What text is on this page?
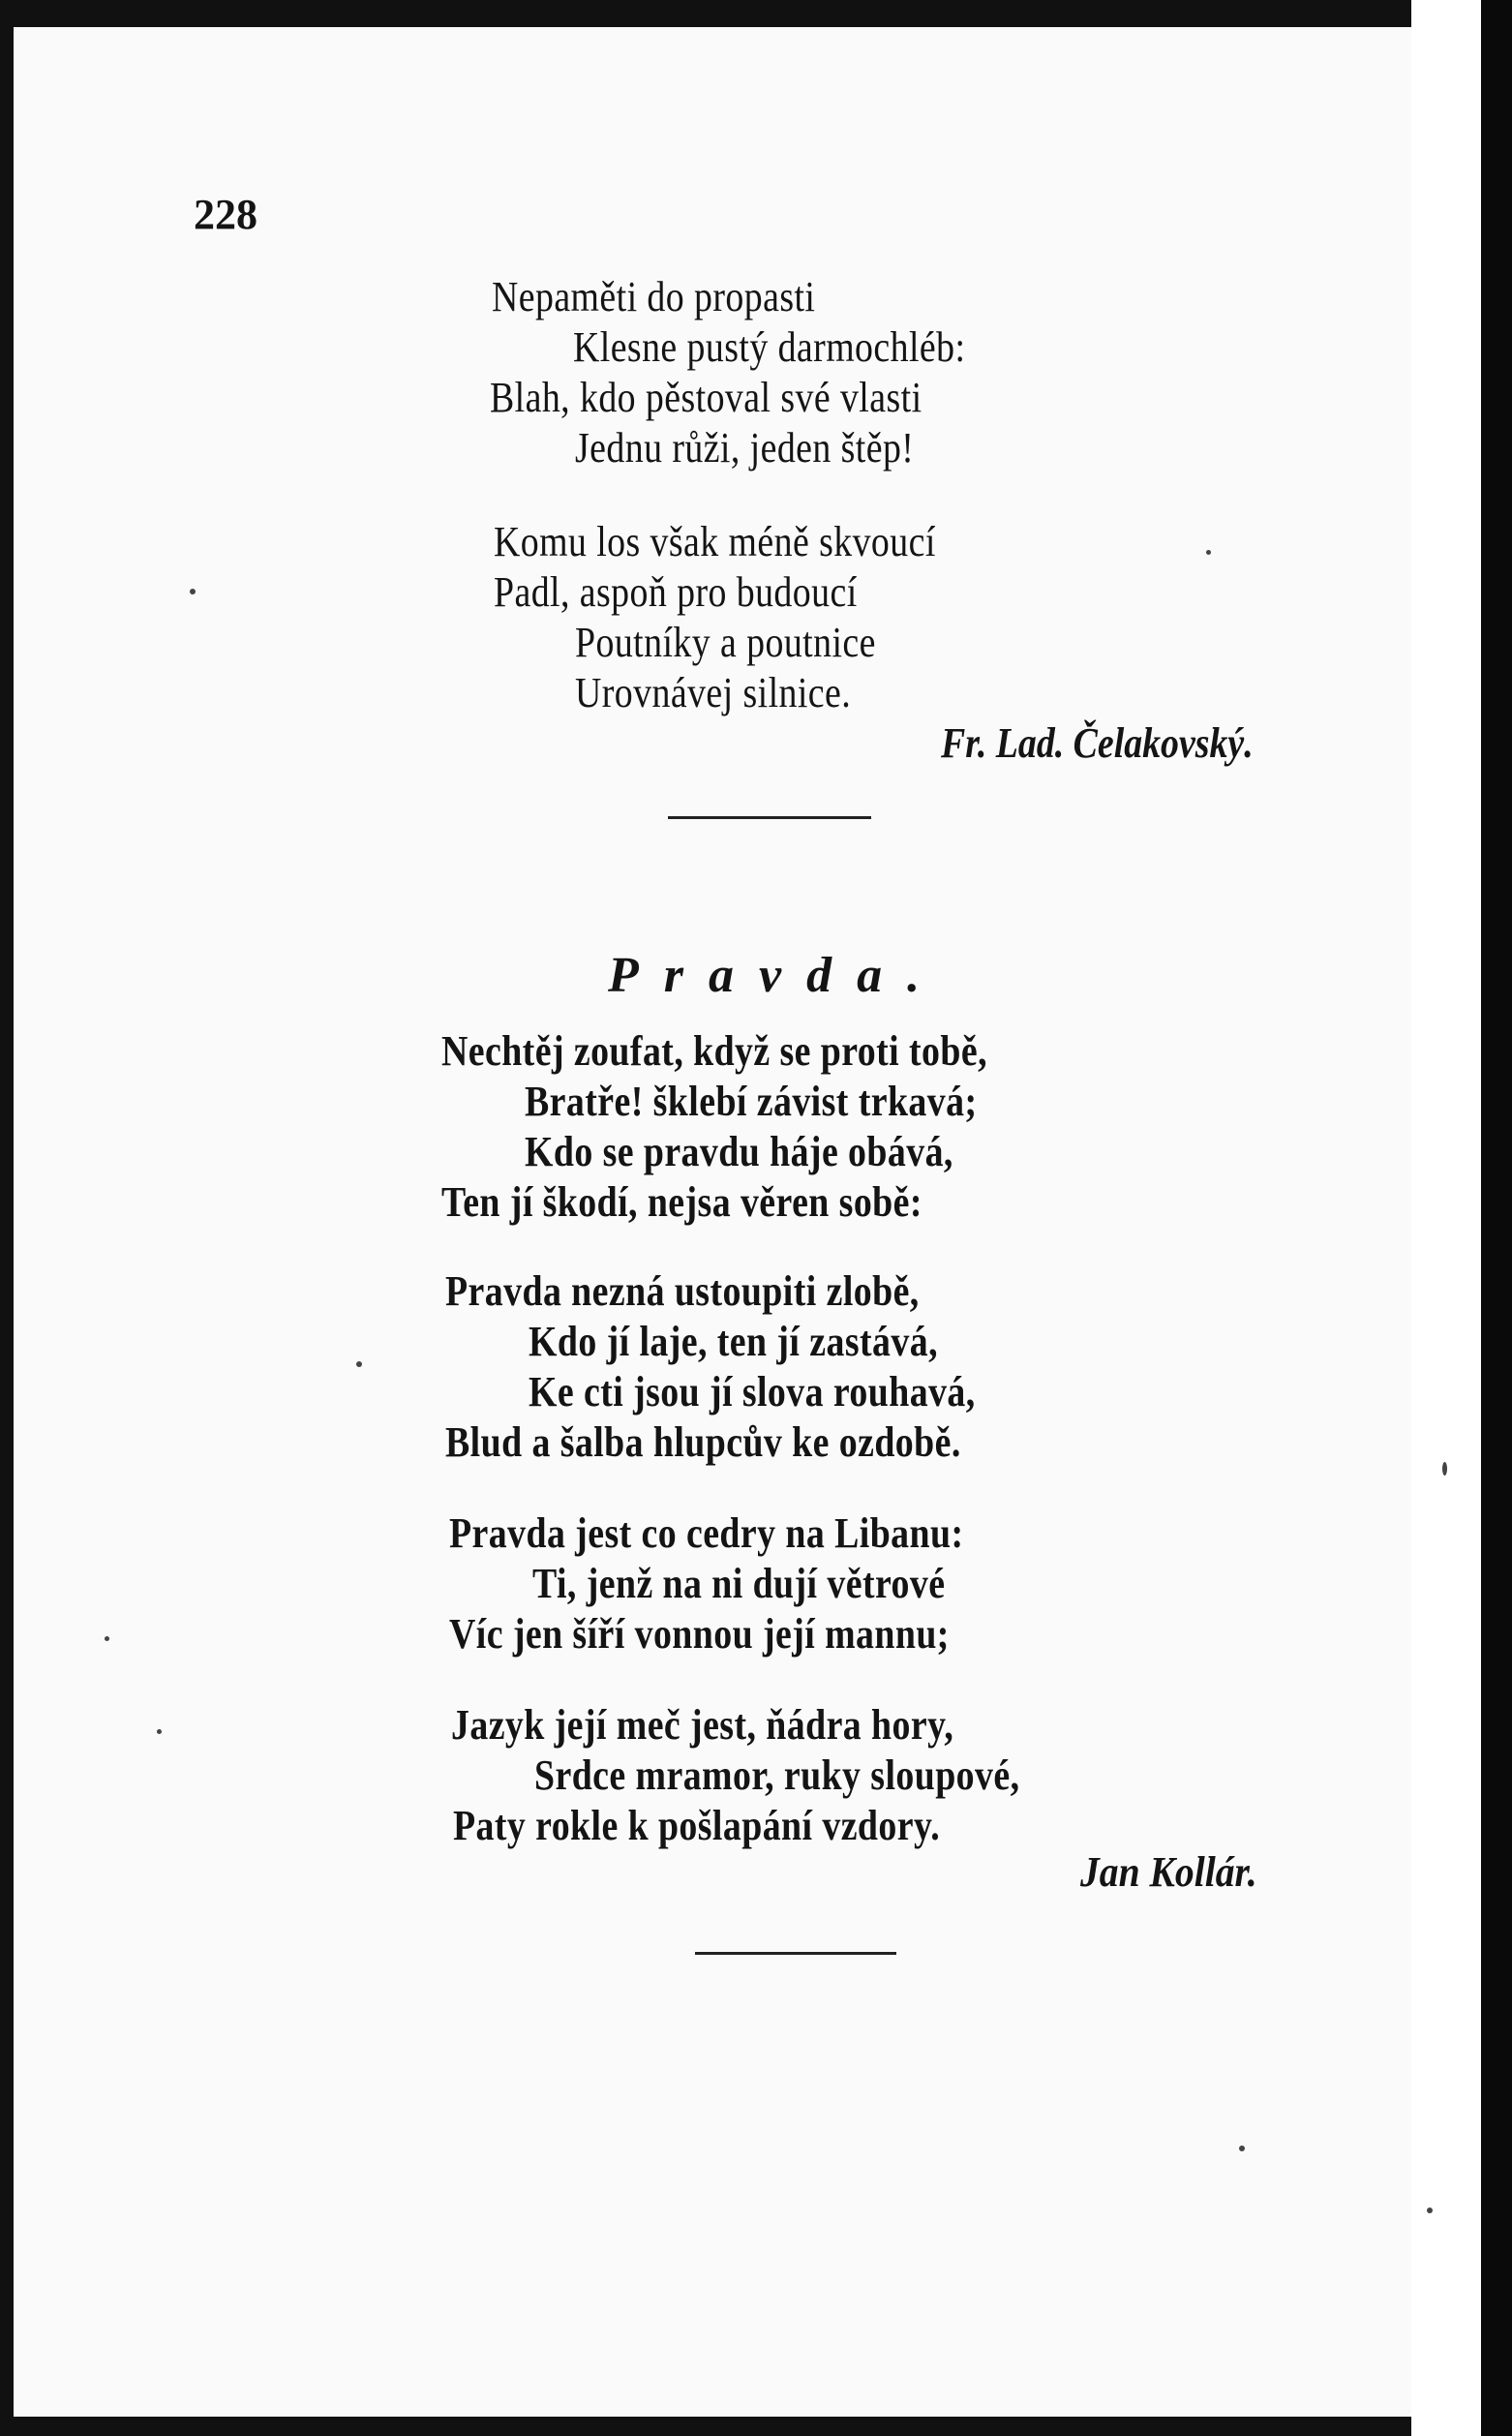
228
Nepaměti do propasti
Klesne pustý darmochléb:
Blah, kdo pěstoval své vlasti
Jednu růži, jeden štěp!
Komu los však méně skvoucí
Padl, aspoň pro budoucí
Poutníky a poutnice
Urovnávej silnice.
Fr. Lad. Čelakovský.
Pravda.
Nechtěj zoufat, když se proti tobě,
Bratře! šklebí závist trkavá;
Kdo se pravdu háje obává,
Ten jí škodí, nejsa věren sobě:
Pravda nezná ustoupiti zlobě,
Kdo jí laje, ten jí zastává,
Ke cti jsou jí slova rouhavá,
Blud a šalba hlupcův ke ozdobě.
Pravda jest co cedry na Libanu:
Ti, jenž na ni dují větrové
Víc jen šíří vonnou její mannu;
Jazyk její meč jest, ňádra hory,
Srdce mramor, ruky sloupové,
Paty rokle k pošlapání vzdory.
Jan Kollár.
